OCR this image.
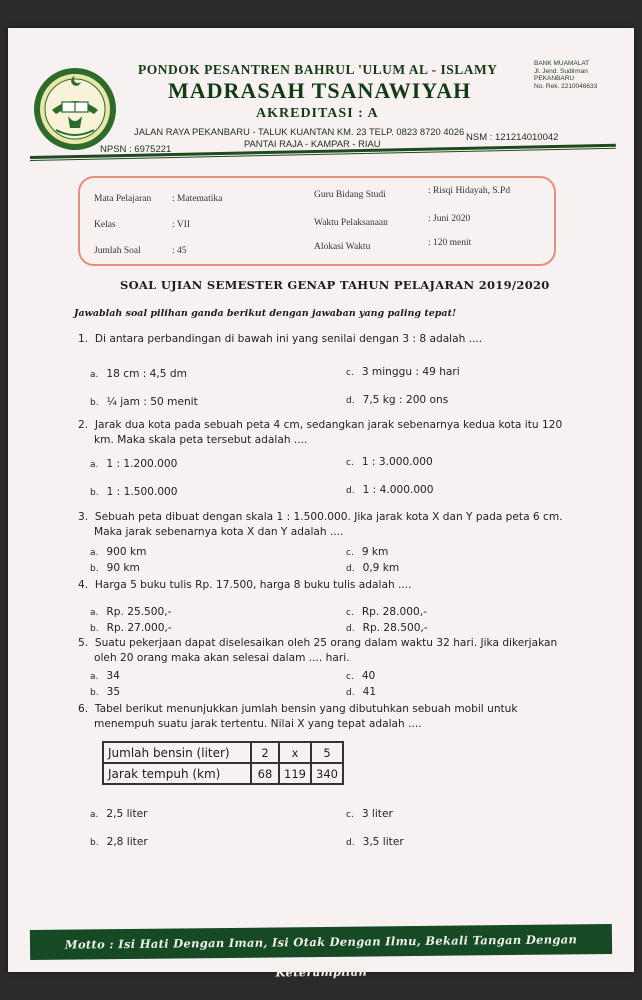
PONDOK PESANTREN BAHRUL 'ULUM AL - ISLAMY
MADRASAH TSANAWIYAH
AKREDITASI : A
BANK MUAMALAT
Jl. Jend. Sudirman
PEKANBARU
No. Rek. 2210046633
JALAN RAYA PEKANBARU - TALUK KUANTAN KM. 23 TELP. 0823 8720 4026
NPSN : 6975221
PANTAI RAJA - KAMPAR - RIAU
NSM : 121214010042
Mata Pelajaran : Matematika
Kelas	: VII
Jumlah Soal	: 45
Guru Bidang Studi	: Risqi Hidayah, S.Pd
Waktu Pelaksanaan	: Juni 2020
Alokasi Waktu	: 120 menit
SOAL UJIAN SEMESTER GENAP TAHUN PELAJARAN 2019/2020
Jawablah soal pilihan ganda berikut dengan jawaban yang paling tepat!
1. Di antara perbandingan di bawah ini yang senilai dengan 3 : 8 adalah ....
a. 18 cm : 4,5 dm
b. ¼ jam : 50 menit
c. 3 minggu : 49 hari
d. 7,5 kg : 200 ons
2. Jarak dua kota pada sebuah peta 4 cm, sedangkan jarak sebenarnya kedua kota itu 120
km. Maka skala peta tersebut adalah ....
a. 1 : 1.200.000
b. 1 : 1.500.000
c. 1 : 3.000.000
d. 1 : 4.000.000
3. Sebuah peta dibuat dengan skala 1 : 1.500.000. Jika jarak kota X dan Y pada peta 6 cm.
Maka jarak sebenarnya kota X dan Y adalah ....
a. 900 km
b. 90 km
c. 9 km
d. 0,9 km
4. Harga 5 buku tulis Rp. 17.500, harga 8 buku tulis adalah ....
a. Rp. 25.500,-
b. Rp. 27.000,-
c. Rp. 28.000,-
d. Rp. 28.500,-
5. Suatu pekerjaan dapat diselesaikan oleh 25 orang dalam waktu 32 hari. Jika dikerjakan
oleh 20 orang maka akan selesai dalam .... hari.
a. 34
b. 35
c. 40
d. 41
6. Tabel berikut menunjukkan jumlah bensin yang dibutuhkan sebuah mobil untuk
menempuh suatu jarak tertentu. Nilai X yang tepat adalah ....
Jumlah bensin (liter)	2	x	5
Jarak tempuh (km)	68	119	340
a. 2,5 liter
b. 2,8 liter
c. 3 liter
d. 3,5 liter
Motto : Isi Hati Dengan Iman, Isi Otak Dengan Ilmu, Bekali Tangan Dengan Keterampilan
